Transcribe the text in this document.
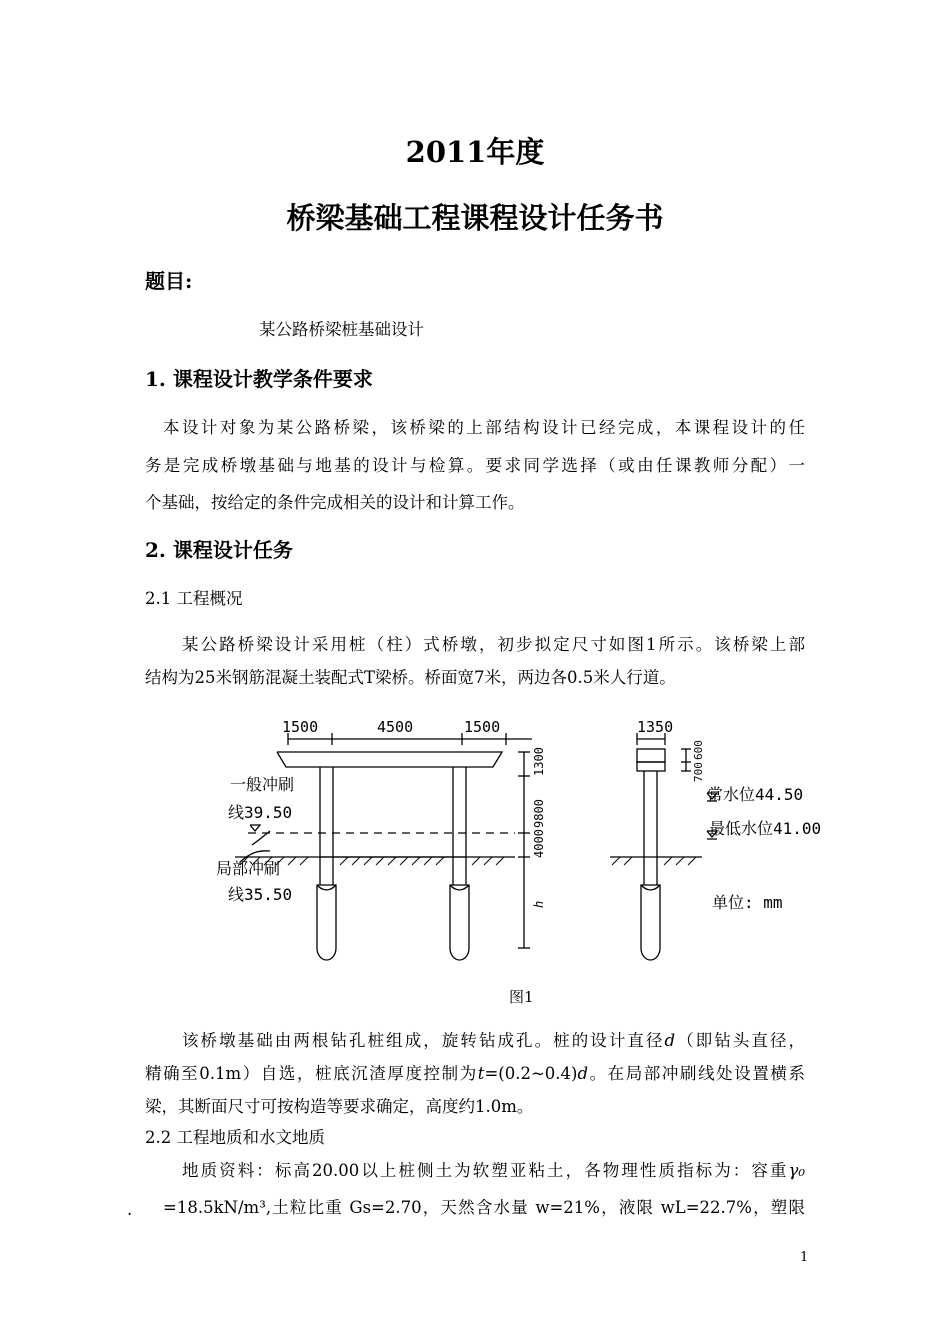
2011年度
桥梁基础工程课程设计任务书
题目:
某公路桥梁桩基础设计
1. 课程设计教学条件要求
本设计对象为某公路桥梁，该桥梁的上部结构设计已经完成，本课程设计的任
务是完成桥墩基础与地基的设计与检算。要求同学选择（或由任课教师分配）一
个基础，按给定的条件完成相关的设计和计算工作。
2. 课程设计任务
2.1 工程概况
某公路桥梁设计采用桩（柱）式桥墩，初步拟定尺寸如图1所示。该桥梁上部
结构为25米钢筋混凝土装配式T梁桥。桥面宽7米，两边各0.5米人行道。
1500	4500	1500	1350
一般冲刷
线39.50
局部冲刷
线35.50
常水位44.50
最低水位41.00
单位: mm
1300
9800
4000
h
700
600
图1
该桥墩基础由两根钻孔桩组成，旋转钻成孔。桩的设计直径d（即钻头直径，
精确至0.1m）自选，桩底沉渣厚度控制为t=(0.2~0.4)d。在局部冲刷线处设置横系
梁，其断面尺寸可按构造等要求确定，高度约1.0m。
2.2 工程地质和水文地质
地质资料：标高20.00以上桩侧土为软塑亚粘土，各物理性质指标为：容重γ₀
=18.5kN/m³,土粒比重 Gs=2.70，天然含水量 w=21%，液限 wL=22.7%，塑限
.
1
